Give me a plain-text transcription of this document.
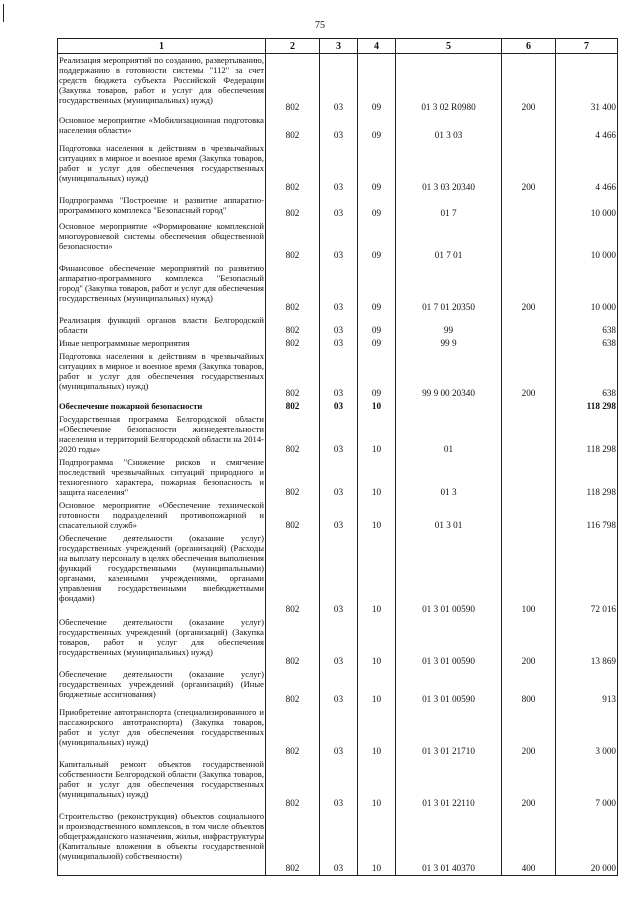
75
1	2	3	4	5	6	7
Реализация мероприятий по созданию, развертыванию, поддержанию в готовности системы "112" за счет средств бюджета субъекта Российской Федерации (Закупка товаров, работ и услуг для обеспечения государственных (муниципальных) нужд)	802	03	09	01 3 02 R0980	200	31 400
Основное мероприятие «Мобилизационная подготовка населения области»	802	03	09	01 3 03		4 466
Подготовка населения к действиям в чрезвычайных ситуациях в мирное и военное время (Закупка товаров, работ и услуг для обеспечения государственных (муниципальных) нужд)	802	03	09	01 3 03 20340	200	4 466
Подпрограмма "Построение и развитие аппаратно-программного комплекса "Безопасный город"	802	03	09	01 7		10 000
Основное мероприятие «Формирование комплексной многоуровневой системы обеспечения общественной безопасности»	802	03	09	01 7 01		10 000
Финансовое обеспечение мероприятий по развитию аппаратно-программного комплекса "Безопасный город" (Закупка товаров, работ и услуг для обеспечения государственных (муниципальных) нужд)	802	03	09	01 7 01 20350	200	10 000
Реализация функций органов власти Белгородской области	802	03	09	99		638
Иные непрограммные мероприятия	802	03	09	99 9		638
Подготовка населения к действиям в чрезвычайных ситуациях в мирное и военное время (Закупка товаров, работ и услуг для обеспечения государственных (муниципальных) нужд)	802	03	09	99 9 00 20340	200	638
Обеспечение пожарной безопасности	802	03	10			118 298
Государственная программа Белгородской области «Обеспечение безопасности жизнедеятельности населения и территорий Белгородской области на 2014-2020 годы»	802	03	10	01		118 298
Подпрограмма "Снижение рисков и смягчение последствий чрезвычайных ситуаций природного и техногенного характера, пожарная безопасность и защита населения"	802	03	10	01 3		118 298
Основное мероприятие «Обеспечение технической готовности подразделений противопожарной и спасательной служб»	802	03	10	01 3 01		116 798
Обеспечение деятельности (оказание услуг) государственных учреждений (организаций) (Расходы на выплату персоналу в целях обеспечения выполнения функций государственными (муниципальными) органами, казенными учреждениями, органами управления государственными внебюджетными фондами)	802	03	10	01 3 01 00590	100	72 016
Обеспечение деятельности (оказание услуг) государственных учреждений (организаций) (Закупка товаров, работ и услуг для обеспечения государственных (муниципальных) нужд)	802	03	10	01 3 01 00590	200	13 869
Обеспечение деятельности (оказание услуг) государственных учреждений (организаций) (Иные бюджетные ассигнования)	802	03	10	01 3 01 00590	800	913
Приобретение автотранспорта (специализированного и пассажирского автотранспорта) (Закупка товаров, работ и услуг для обеспечения государственных (муниципальных) нужд)	802	03	10	01 3 01 21710	200	3 000
Капитальный ремонт объектов государственной собственности Белгородской области (Закупка товаров, работ и услуг для обеспечения государственных (муниципальных) нужд)	802	03	10	01 3 01 22110	200	7 000
Строительство (реконструкция) объектов социального и производственного комплексов, в том числе объектов общегражданского назначения, жилья, инфраструктуры (Капитальные вложения в объекты государственной (муниципальной) собственности)	802	03	10	01 3 01 40370	400	20 000
